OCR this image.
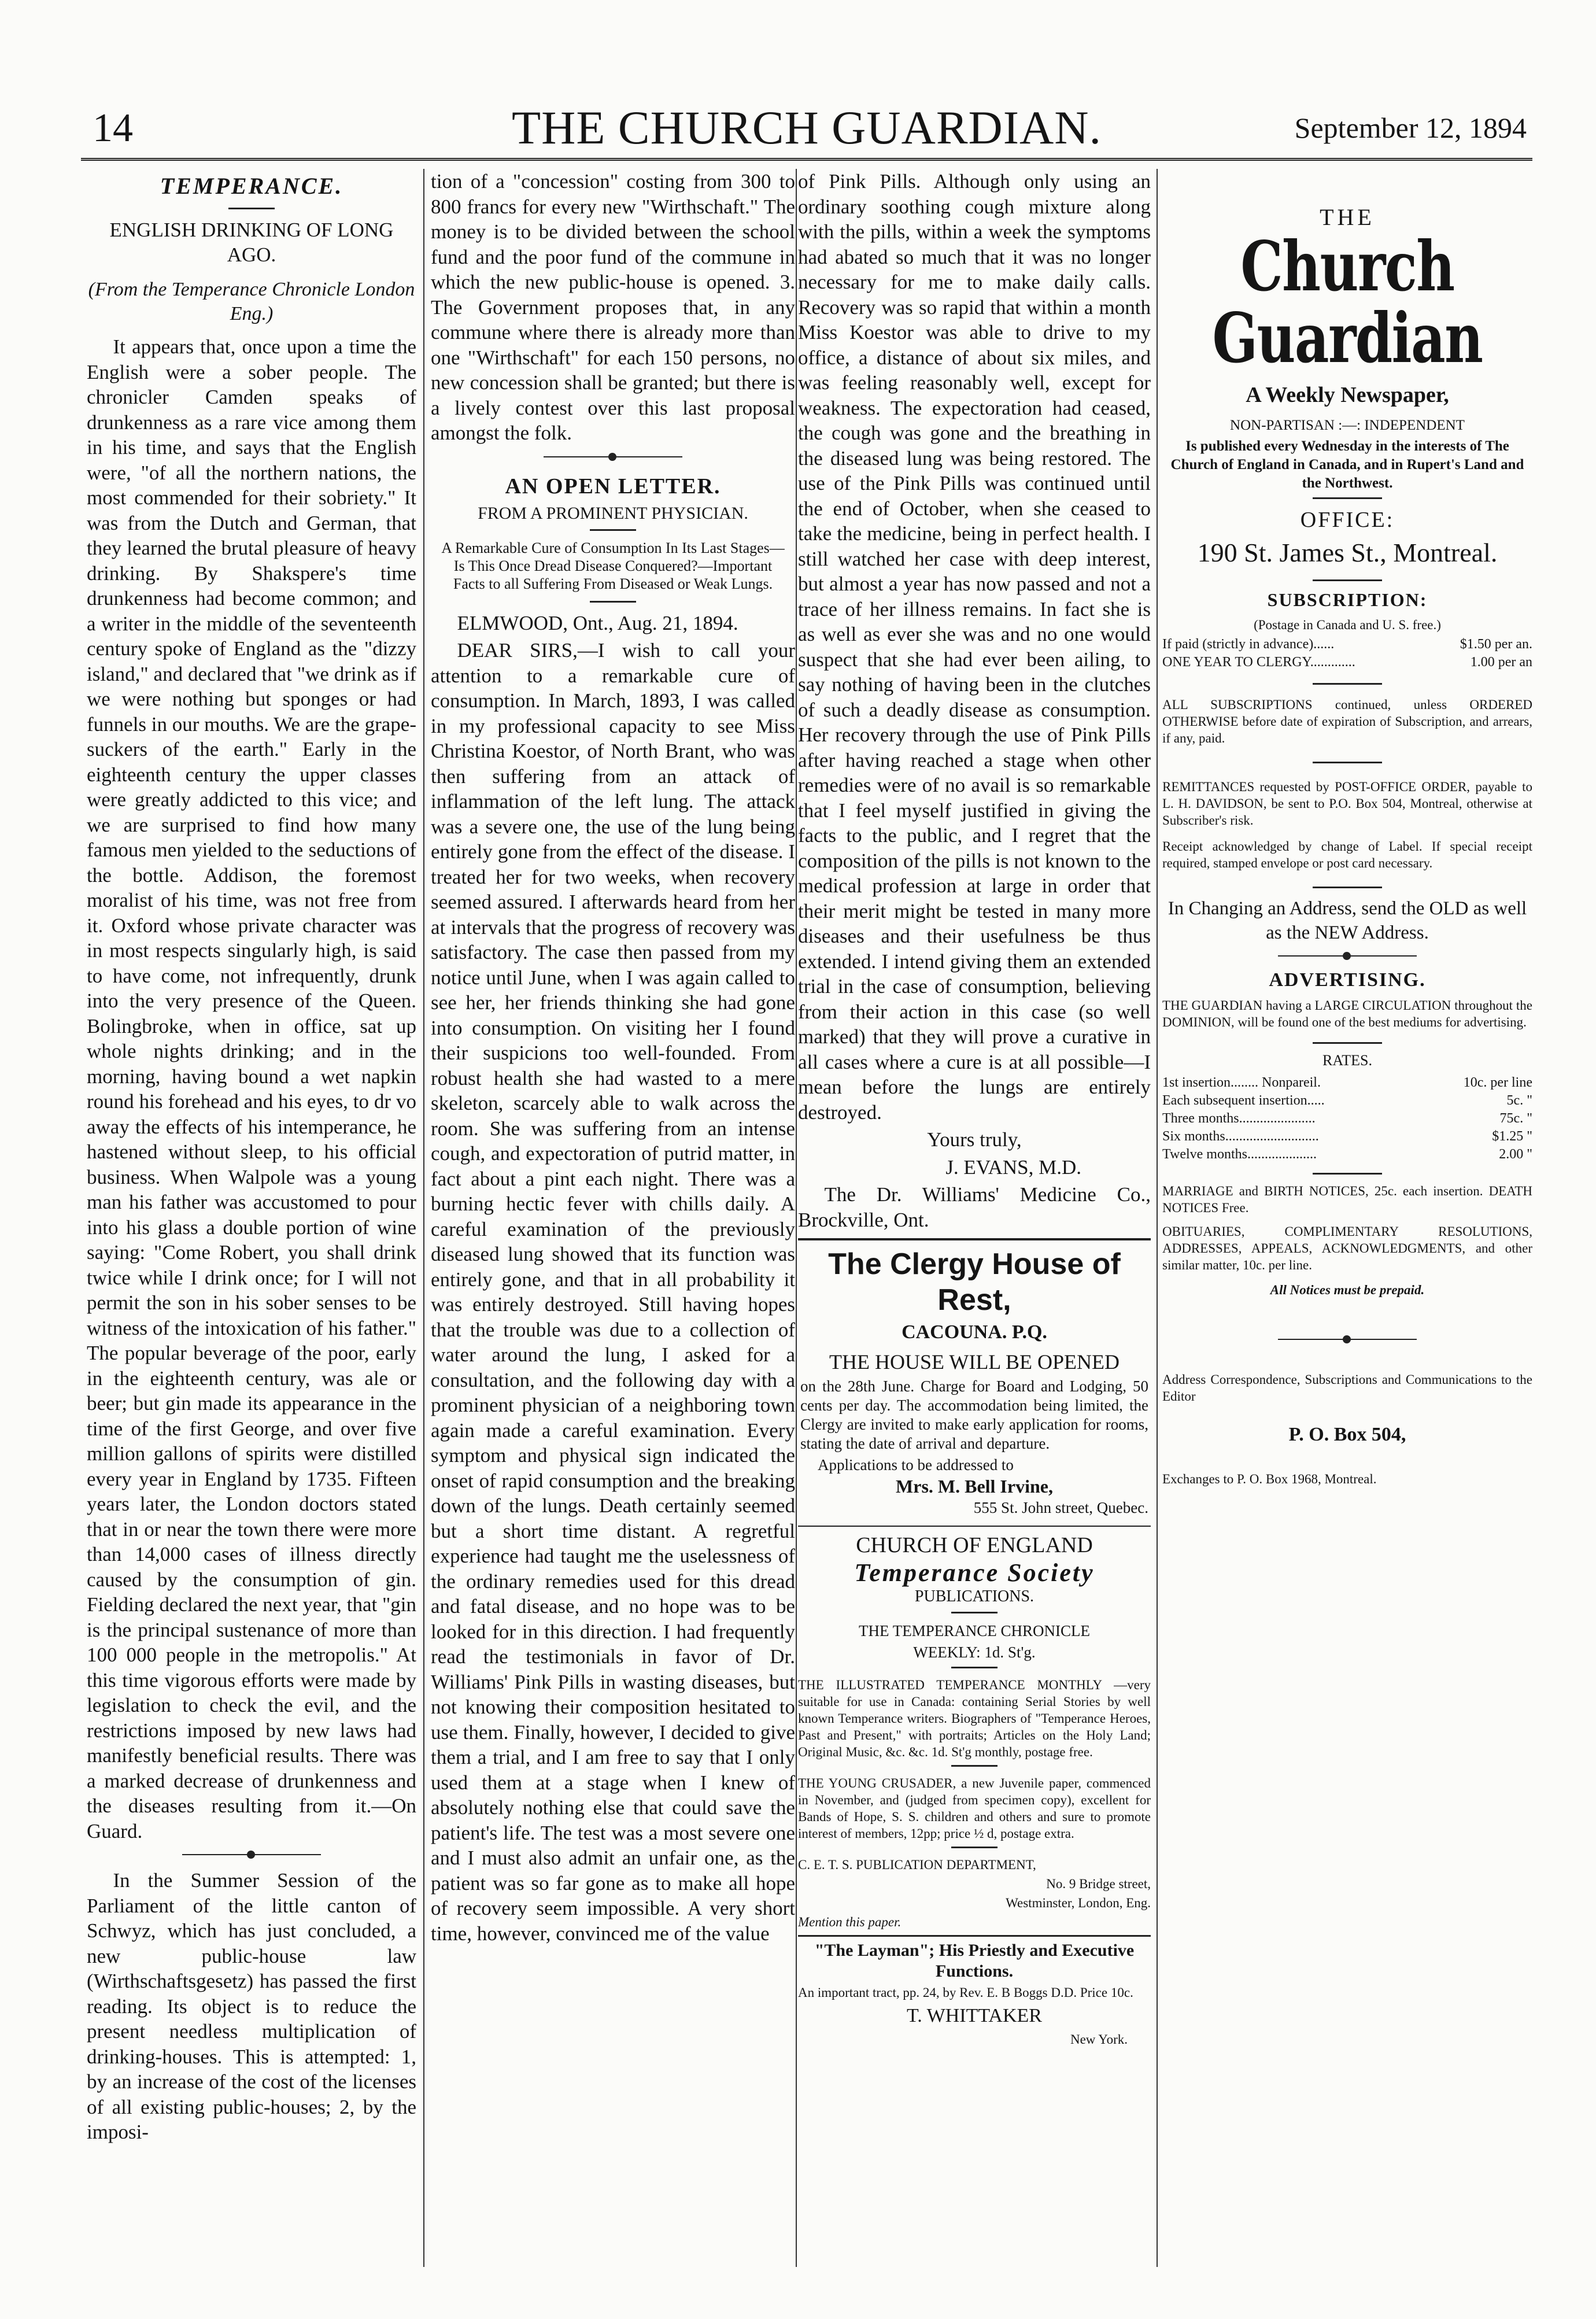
14	THE CHURCH GUARDIAN.	September 12, 1894
TEMPERANCE.
ENGLISH DRINKING OF LONG AGO.
(From the Temperance Chronicle London Eng.)

It appears that, once upon a time the English were a sober people. The chronicler Camden speaks of drunkenness as a rare vice among them in his time, and says that the English were, "of all the northern nations, the most commended for their sobriety." It was from the Dutch and German, that they learned the brutal pleasure of heavy drinking. By Shakspere's time drunkenness had become common; and a writer in the middle of the seventeenth century spoke of England as the "dizzy island," and declared that "we drink as if we were nothing but sponges or had funnels in our mouths. We are the grape-suckers of the earth." Early in the eighteenth century the upper classes were greatly addicted to this vice; and we are surprised to find how many famous men yielded to the seductions of the bottle. Addison, the foremost moralist of his time, was not free from it. Oxford whose private character was in most respects singularly high, is said to have come, not infrequently, drunk into the very presence of the Queen. Bolingbroke, when in office, sat up whole nights drinking; and in the morning, having bound a wet napkin round his forehead and his eyes, to dr vo away the effects of his intemperance, he hastened without sleep, to his official business. When Walpole was a young man his father was accustomed to pour into his glass a double portion of wine saying: "Come Robert, you shall drink twice while I drink once; for I will not permit the son in his sober senses to be witness of the intoxication of his father." The popular beverage of the poor, early in the eighteenth century, was ale or beer; but gin made its appearance in the time of the first George, and over five million gallons of spirits were distilled every year in England by 1735. Fifteen years later, the London doctors stated that in or near the town there were more than 14,000 cases of illness directly caused by the consumption of gin. Fielding declared the next year, that "gin is the principal sustenance of more than 100 000 people in the metropolis." At this time vigorous efforts were made by legislation to check the evil, and the restrictions imposed by new laws had manifestly beneficial results. There was a marked decrease of drunkenness and the diseases resulting from it.—On Guard.

In the Summer Session of the Parliament of the little canton of Schwyz, which has just concluded, a new public-house law (Wirthschaftsgesetz) has passed the first reading. Its object is to reduce the present needless multiplication of drinking-houses. This is attempted: 1, by an increase of the cost of the licenses of all existing public-houses; 2, by the imposi-

tion of a "concession" costing from 300 to 800 francs for every new "Wirthschaft." The money is to be divided between the school fund and the poor fund of the commune in which the new public-house is opened. 3. The Government proposes that, in any commune where there is already more than one "Wirthschaft" for each 150 persons, no new concession shall be granted; but there is a lively contest over this last proposal amongst the folk.

AN OPEN LETTER.
FROM A PROMINENT PHYSICIAN.
A Remarkable Cure of Consumption In Its Last Stages—Is This Once Dread Disease Conquered?—Important Facts to all Suffering From Diseased or Weak Lungs.

ELMWOOD, Ont., Aug. 21, 1894.

DEAR SIRS,—I wish to call your attention to a remarkable cure of consumption. In March, 1893, I was called in my professional capacity to see Miss Christina Koestor, of North Brant, who was then suffering from an attack of inflammation of the left lung. The attack was a severe one, the use of the lung being entirely gone from the effect of the disease. I treated her for two weeks, when recovery seemed assured. I afterwards heard from her at intervals that the progress of recovery was satisfactory. The case then passed from my notice until June, when I was again called to see her, her friends thinking she had gone into consumption. On visiting her I found their suspicions too well-founded. From robust health she had wasted to a mere skeleton, scarcely able to walk across the room. She was suffering from an intense cough, and expectoration of putrid matter, in fact about a pint each night. There was a burning hectic fever with chills daily. A careful examination of the previously diseased lung showed that its function was entirely gone, and that in all probability it was entirely destroyed. Still having hopes that the trouble was due to a collection of water around the lung, I asked for a consultation, and the following day with a prominent physician of a neighboring town again made a careful examination. Every symptom and physical sign indicated the onset of rapid consumption and the breaking down of the lungs. Death certainly seemed but a short time distant. A regretful experience had taught me the uselessness of the ordinary remedies used for this dread and fatal disease, and no hope was to be looked for in this direction. I had frequently read the testimonials in favor of Dr. Williams' Pink Pills in wasting diseases, but not knowing their composition hesitated to use them. Finally, however, I decided to give them a trial, and I am free to say that I only used them at a stage when I knew of absolutely nothing else that could save the patient's life. The test was a most severe one and I must also admit an unfair one, as the patient was so far gone as to make all hope of recovery seem impossible. A very short time, however, convinced me of the value

of Pink Pills. Although only using an ordinary soothing cough mixture along with the pills, within a week the symptoms had abated so much that it was no longer necessary for me to make daily calls. Recovery was so rapid that within a month Miss Koestor was able to drive to my office, a distance of about six miles, and was feeling reasonably well, except for weakness. The expectoration had ceased, the cough was gone and the breathing in the diseased lung was being restored. The use of the Pink Pills was continued until the end of October, when she ceased to take the medicine, being in perfect health. I still watched her case with deep interest, but almost a year has now passed and not a trace of her illness remains. In fact she is as well as ever she was and no one would suspect that she had ever been ailing, to say nothing of having been in the clutches of such a deadly disease as consumption. Her recovery through the use of Pink Pills after having reached a stage when other remedies were of no avail is so remarkable that I feel myself justified in giving the facts to the public, and I regret that the composition of the pills is not known to the medical profession at large in order that their merit might be tested in many more diseases and their usefulness be thus extended. I intend giving them an extended trial in the case of consumption, believing from their action in this case (so well marked) that they will prove a curative in all cases where a cure is at all possible—I mean before the lungs are entirely destroyed.

Yours truly,

J. EVANS, M.D.

The Dr. Williams' Medicine Co., Brockville, Ont.

The Clergy House of Rest,
CACOUNA. P.Q.

THE HOUSE WILL BE OPENED

on the 28th June. Charge for Board and Lodging, 50 cents per day. The accommodation being limited, the Clergy are invited to make early application for rooms, stating the date of arrival and departure.

Applications to be addressed to

Mrs. M. Bell Irvine,

555 St. John street, Quebec.

CHURCH OF ENGLAND
Temperance Society
PUBLICATIONS.

THE TEMPERANCE CHRONICLE

WEEKLY: 1d. St'g.

THE ILLUSTRATED TEMPERANCE MONTHLY —very suitable for use in Canada: containing Serial Stories by well known Temperance writers. Biographers of "Temperance Heroes, Past and Present," with portraits; Articles on the Holy Land; Original Music, &c. &c. 1d. St'g monthly, postage free.

THE YOUNG CRUSADER, a new Juvenile paper, commenced in November, and (judged from specimen copy), excellent for Bands of Hope, S. S. children and others and sure to promote interest of members, 12pp; price ½ d, postage extra.

C. E. T. S. PUBLICATION DEPARTMENT,

No. 9 Bridge street,

Westminster, London, Eng.

Mention this paper.

"The Layman"; His Priestly and Executive Functions.

An important tract, pp. 24, by Rev. E. B Boggs D.D. Price 10c.

T. WHITTAKER

New York.

THE
Church Guardian
A Weekly Newspaper,

NON-PARTISAN :—: INDEPENDENT

Is published every Wednesday in the interests of The Church of England in Canada, and in Rupert's Land and the Northwest.

OFFICE:
190 St. James St., Montreal.
SUBSCRIPTION:

(Postage in Canada and U. S. free.)

If paid (strictly in advance)......	$1.50 per an.
ONE YEAR TO CLERGY.............	1.00 per an

ALL SUBSCRIPTIONS continued, unless ORDERED OTHERWISE before date of expiration of Subscription, and arrears, if any, paid.

REMITTANCES requested by POST-OFFICE ORDER, payable to L. H. DAVIDSON, be sent to P.O. Box 504, Montreal, otherwise at Subscriber's risk.

Receipt acknowledged by change of Label. If special receipt required, stamped envelope or post card necessary.

In Changing an Address, send the OLD as well as the NEW Address.

ADVERTISING.

THE GUARDIAN having a LARGE CIRCULATION throughout the DOMINION, will be found one of the best mediums for advertising.

RATES.
1st insertion........ Nonpareil.	10c. per line
Each subsequent insertion.....	5c. "
Three months......................	75c. "
Six months...........................	$1.25 "
Twelve months....................	2.00 "

MARRIAGE and BIRTH NOTICES, 25c. each insertion. DEATH NOTICES Free.

OBITUARIES, COMPLIMENTARY RESOLUTIONS, ADDRESSES, APPEALS, ACKNOWLEDGMENTS, and other similar matter, 10c. per line.

All Notices must be prepaid.

Address Correspondence, Subscriptions and Communications to the Editor

P. O. Box 504,

Exchanges to P. O. Box 1968, Montreal.
